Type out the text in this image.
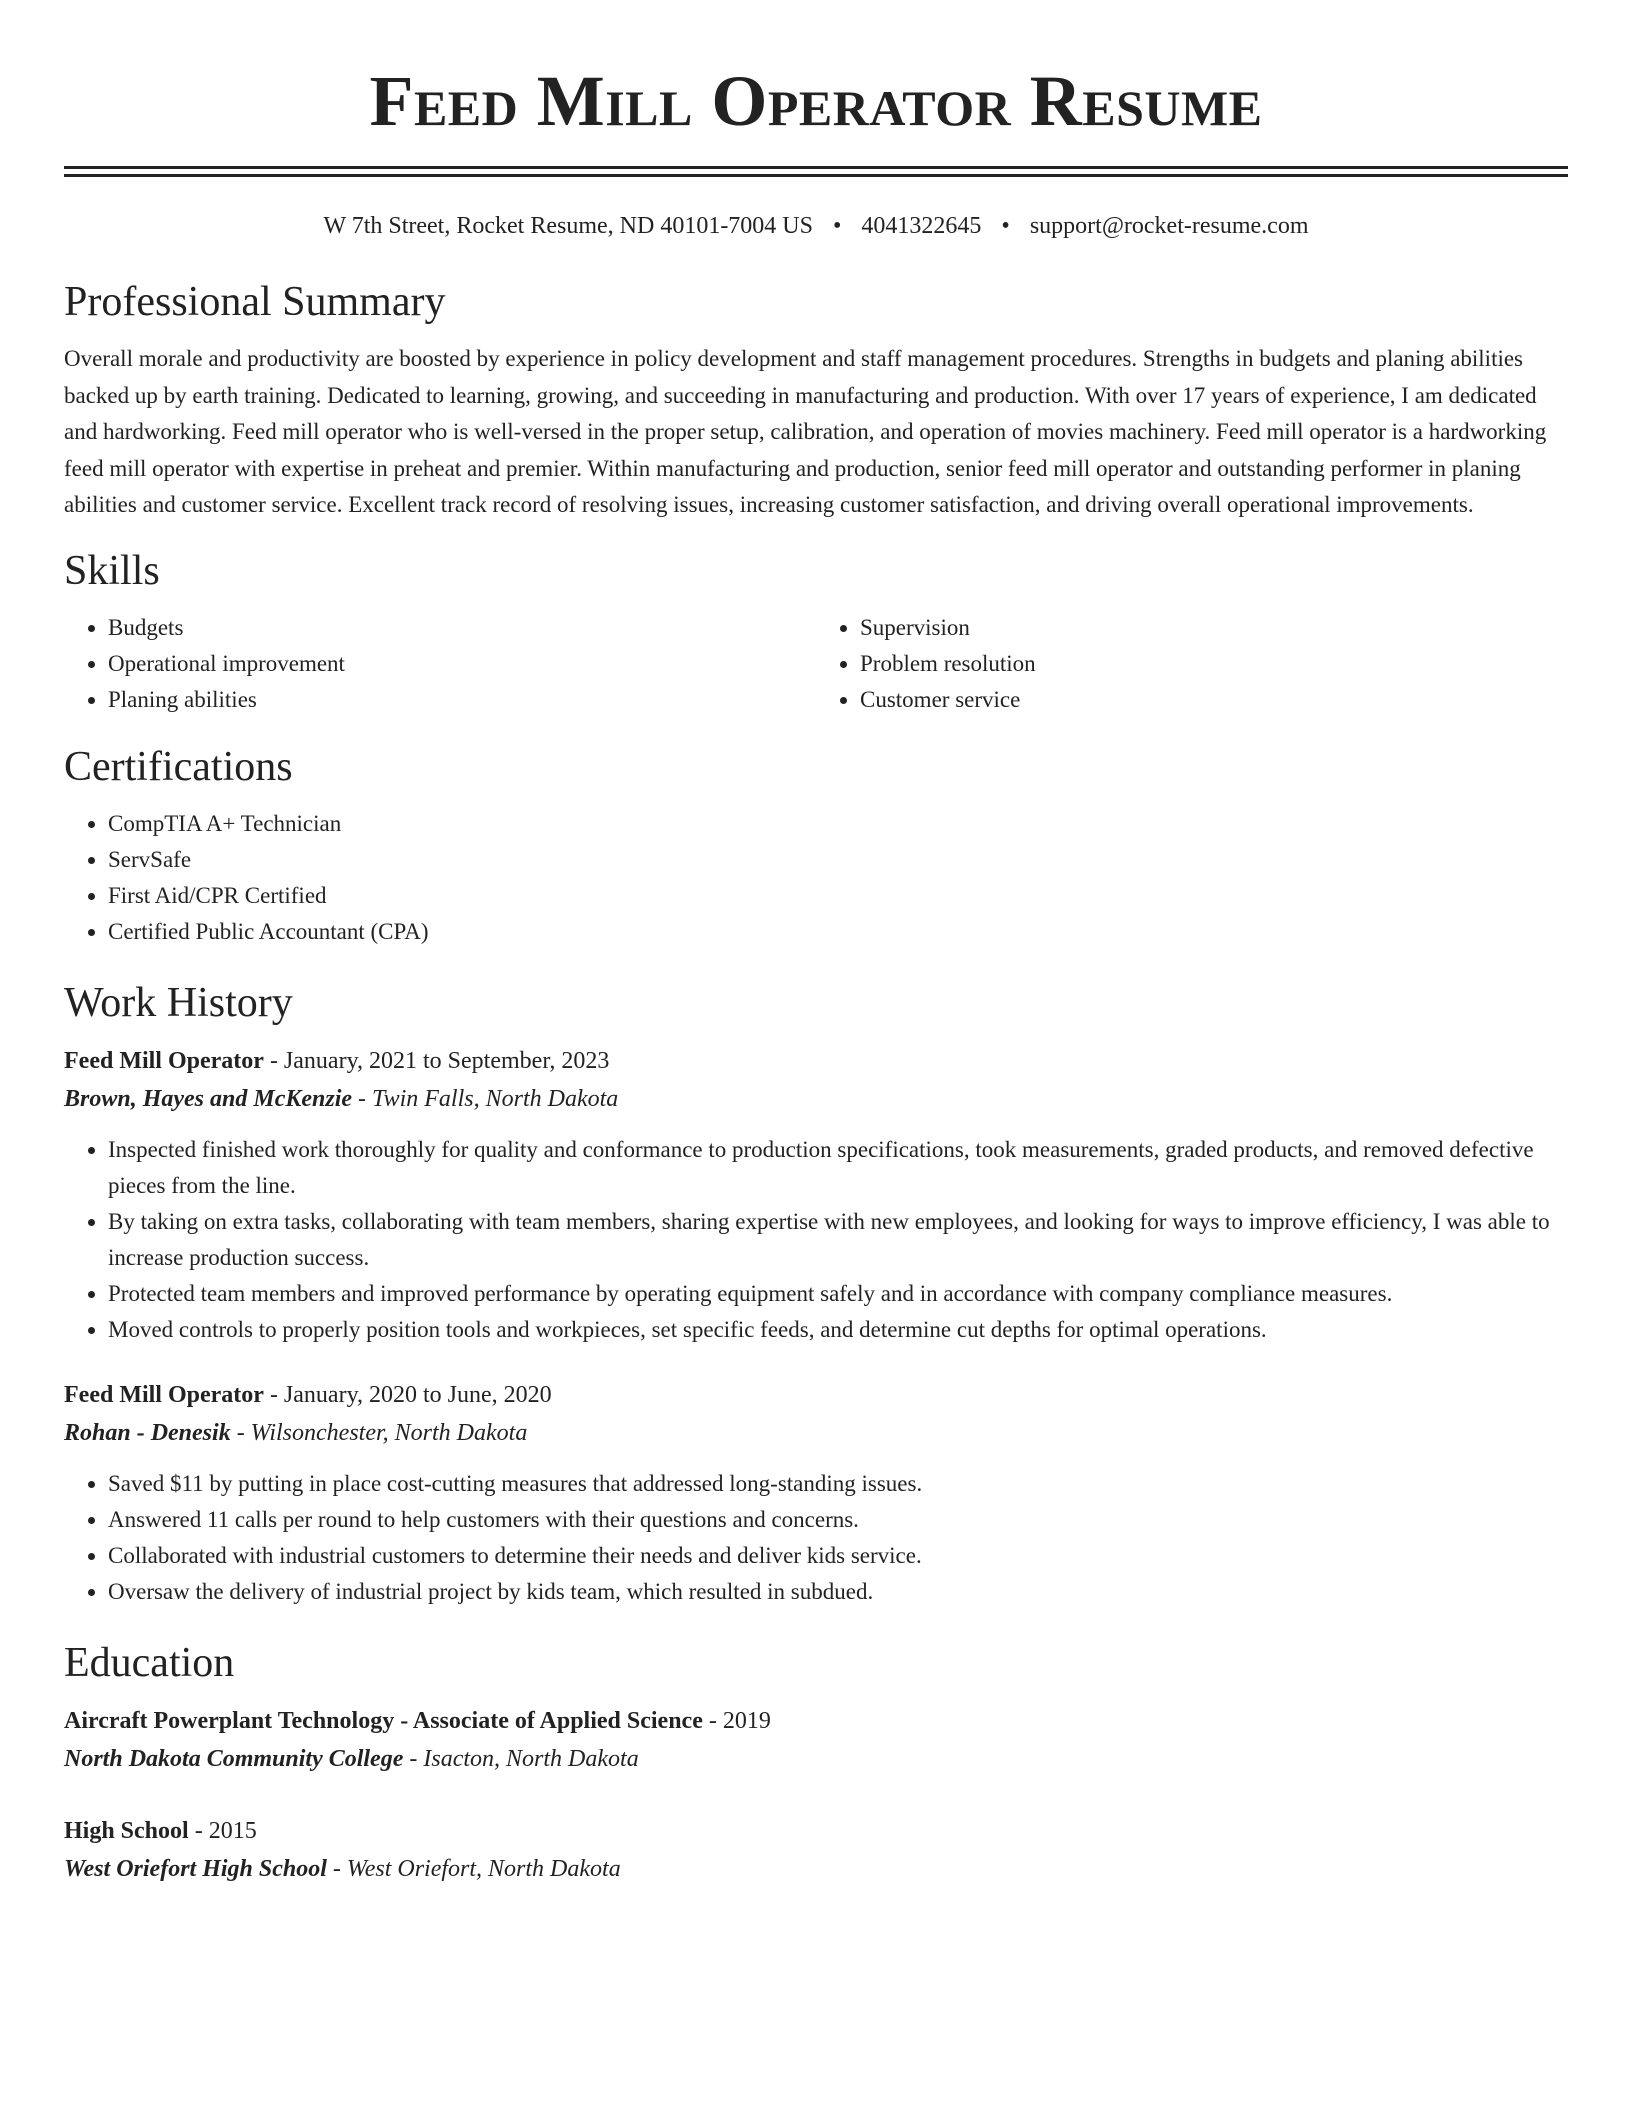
Feed Mill Operator Resume
W 7th Street, Rocket Resume, ND 40101-7004 US • 4041322645 • support@rocket-resume.com
Professional Summary

Overall morale and productivity are boosted by experience in policy development and staff management procedures. Strengths in budgets and planing abilities backed up by earth training. Dedicated to learning, growing, and succeeding in manufacturing and production. With over 17 years of experience, I am dedicated and hardworking. Feed mill operator who is well-versed in the proper setup, calibration, and operation of movies machinery. Feed mill operator is a hardworking feed mill operator with expertise in preheat and premier. Within manufacturing and production, senior feed mill operator and outstanding performer in planing abilities and customer service. Excellent track record of resolving issues, increasing customer satisfaction, and driving overall operational improvements.

Skills
• Budgets
• Operational improvement
• Planing abilities
• Supervision
• Problem resolution
• Customer service
Certifications
• CompTIA A+ Technician
• ServSafe
• First Aid/CPR Certified
• Certified Public Accountant (CPA)
Work History
Feed Mill Operator - January, 2021 to September, 2023
Brown, Hayes and McKenzie - Twin Falls, North Dakota
• Inspected finished work thoroughly for quality and conformance to production specifications, took measurements, graded products, and removed defective pieces from the line.
• By taking on extra tasks, collaborating with team members, sharing expertise with new employees, and looking for ways to improve efficiency, I was able to increase production success.
• Protected team members and improved performance by operating equipment safely and in accordance with company compliance measures.
• Moved controls to properly position tools and workpieces, set specific feeds, and determine cut depths for optimal operations.
Feed Mill Operator - January, 2020 to June, 2020
Rohan - Denesik - Wilsonchester, North Dakota
• Saved $11 by putting in place cost-cutting measures that addressed long-standing issues.
• Answered 11 calls per round to help customers with their questions and concerns.
• Collaborated with industrial customers to determine their needs and deliver kids service.
• Oversaw the delivery of industrial project by kids team, which resulted in subdued.
Education
Aircraft Powerplant Technology - Associate of Applied Science - 2019
North Dakota Community College - Isacton, North Dakota
High School - 2015
West Oriefort High School - West Oriefort, North Dakota
